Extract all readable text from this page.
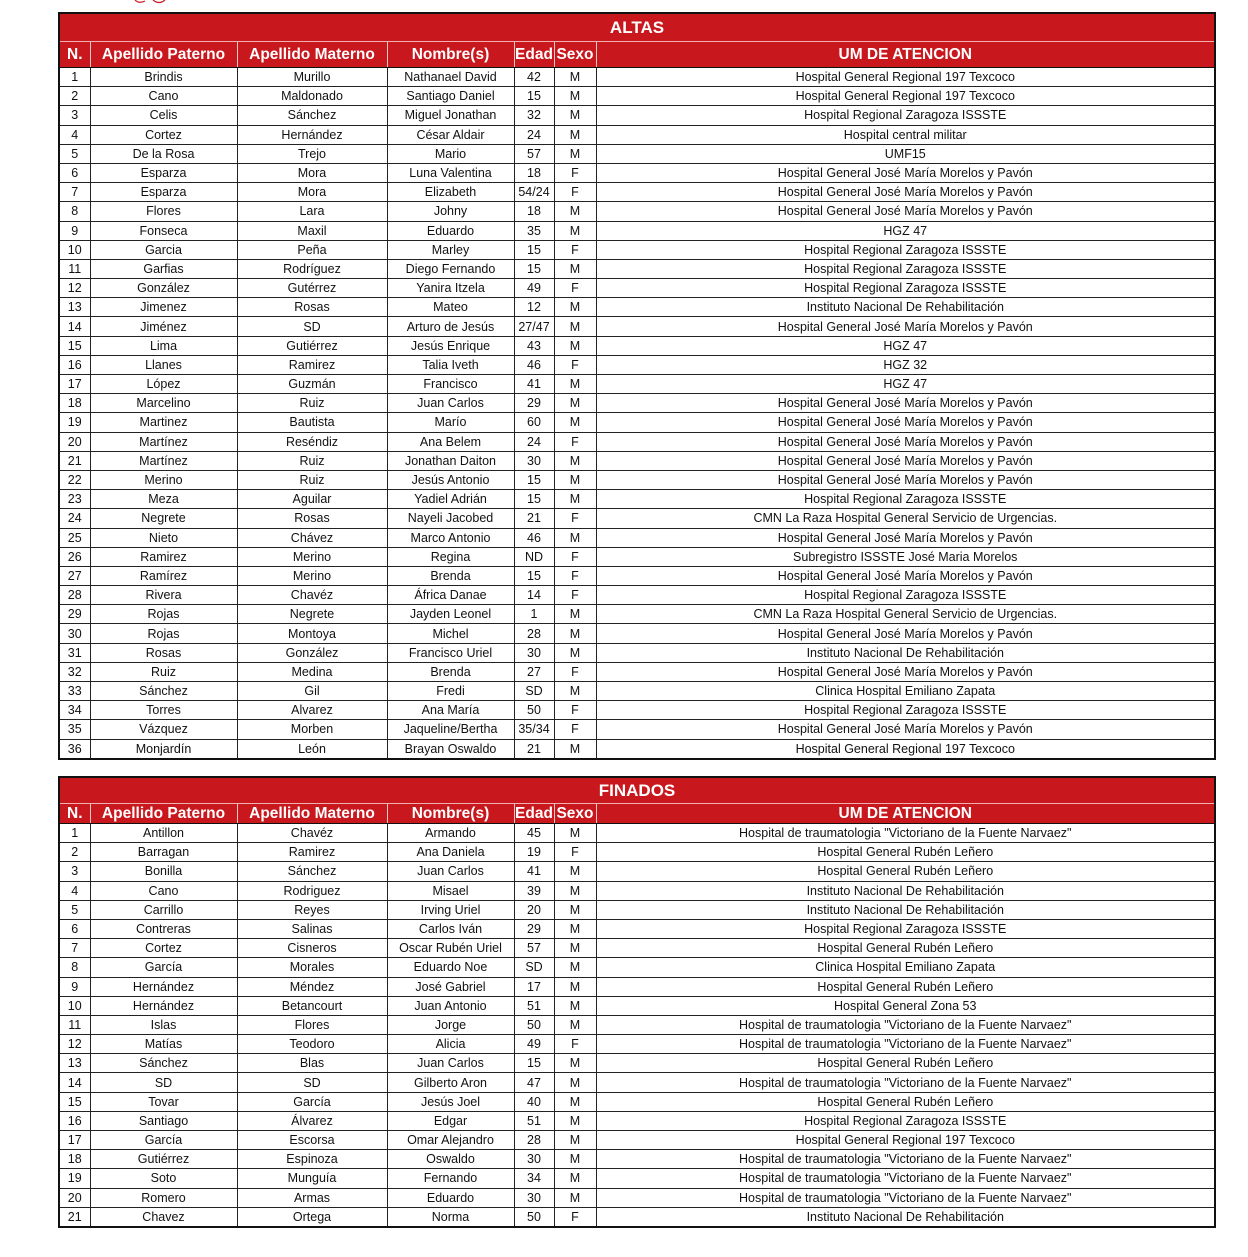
ALTAS						
N.	Apellido Paterno	Apellido Materno	Nombre(s)	Edad	Sexo	UM DE ATENCION
1	Brindis	Murillo	Nathanael David	42	M	Hospital General Regional 197 Texcoco
2	Cano	Maldonado	Santiago Daniel	15	M	Hospital General Regional 197 Texcoco
3	Celis	Sánchez	Miguel Jonathan	32	M	Hospital Regional Zaragoza ISSSTE
4	Cortez	Hernández	César Aldair	24	M	Hospital central militar
5	De la Rosa	Trejo	Mario	57	M	UMF15
6	Esparza	Mora	Luna Valentina	18	F	Hospital General José María Morelos y Pavón
7	Esparza	Mora	Elizabeth	54/24	F	Hospital General José María Morelos y Pavón
8	Flores	Lara	Johny	18	M	Hospital General José María Morelos y Pavón
9	Fonseca	Maxil	Eduardo	35	M	HGZ 47
10	Garcia	Peña	Marley	15	F	Hospital Regional Zaragoza ISSSTE
11	Garfias	Rodríguez	Diego Fernando	15	M	Hospital Regional Zaragoza ISSSTE
12	González	Gutérrez	Yanira Itzela	49	F	Hospital Regional Zaragoza ISSSTE
13	Jimenez	Rosas	Mateo	12	M	Instituto Nacional De Rehabilitación
14	Jiménez	SD	Arturo de Jesús	27/47	M	Hospital General José María Morelos y Pavón
15	Lima	Gutiérrez	Jesús Enrique	43	M	HGZ 47
16	Llanes	Ramirez	Talia Iveth	46	F	HGZ 32
17	López	Guzmán	Francisco	41	M	HGZ 47
18	Marcelino	Ruiz	Juan Carlos	29	M	Hospital General José María Morelos y Pavón
19	Martinez	Bautista	Marío	60	M	Hospital General José María Morelos y Pavón
20	Martínez	Reséndiz	Ana Belem	24	F	Hospital General José María Morelos y Pavón
21	Martínez	Ruiz	Jonathan Daiton	30	M	Hospital General José María Morelos y Pavón
22	Merino	Ruiz	Jesús Antonio	15	M	Hospital General José María Morelos y Pavón
23	Meza	Aguilar	Yadiel Adrián	15	M	Hospital Regional Zaragoza ISSSTE
24	Negrete	Rosas	Nayeli Jacobed	21	F	CMN La Raza Hospital General Servicio de Urgencias.
25	Nieto	Chávez	Marco Antonio	46	M	Hospital General José María Morelos y Pavón
26	Ramirez	Merino	Regina	ND	F	Subregistro ISSSTE José Maria Morelos
27	Ramírez	Merino	Brenda	15	F	Hospital General José María Morelos y Pavón
28	Rivera	Chavéz	África Danae	14	F	Hospital Regional Zaragoza ISSSTE
29	Rojas	Negrete	Jayden Leonel	1	M	CMN La Raza Hospital General Servicio de Urgencias.
30	Rojas	Montoya	Michel	28	M	Hospital General José María Morelos y Pavón
31	Rosas	González	Francisco Uriel	30	M	Instituto Nacional De Rehabilitación
32	Ruiz	Medina	Brenda	27	F	Hospital General José María Morelos y Pavón
33	Sánchez	Gil	Fredi	SD	M	Clinica Hospital Emiliano Zapata
34	Torres	Alvarez	Ana María	50	F	Hospital Regional Zaragoza ISSSTE
35	Vázquez	Morben	Jaqueline/Bertha	35/34	F	Hospital General José María Morelos y Pavón
36	Monjardín	León	Brayan Oswaldo	21	M	Hospital General Regional 197 Texcoco
FINADOS						
N.	Apellido Paterno	Apellido Materno	Nombre(s)	Edad	Sexo	UM DE ATENCION
1	Antillon	Chavéz	Armando	45	M	Hospital de traumatologia "Victoriano de la Fuente Narvaez"
2	Barragan	Ramirez	Ana Daniela	19	F	Hospital General Rubén Leñero
3	Bonilla	Sánchez	Juan Carlos	41	M	Hospital General Rubén Leñero
4	Cano	Rodriguez	Misael	39	M	Instituto Nacional De Rehabilitación
5	Carrillo	Reyes	Irving Uriel	20	M	Instituto Nacional De Rehabilitación
6	Contreras	Salinas	Carlos Iván	29	M	Hospital Regional Zaragoza ISSSTE
7	Cortez	Cisneros	Oscar Rubén Uriel	57	M	Hospital General Rubén Leñero
8	García	Morales	Eduardo Noe	SD	M	Clinica Hospital Emiliano Zapata
9	Hernández	Méndez	José Gabriel	17	M	Hospital General Rubén Leñero
10	Hernández	Betancourt	Juan Antonio	51	M	Hospital General Zona 53
11	Islas	Flores	Jorge	50	M	Hospital de traumatologia "Victoriano de la Fuente Narvaez"
12	Matías	Teodoro	Alicia	49	F	Hospital de traumatologia "Victoriano de la Fuente Narvaez"
13	Sánchez	Blas	Juan Carlos	15	M	Hospital General Rubén Leñero
14	SD	SD	Gilberto Aron	47	M	Hospital de traumatologia "Victoriano de la Fuente Narvaez"
15	Tovar	García	Jesús Joel	40	M	Hospital General Rubén Leñero
16	Santiago	Álvarez	Edgar	51	M	Hospital Regional Zaragoza ISSSTE
17	García	Escorsa	Omar Alejandro	28	M	Hospital General Regional 197 Texcoco
18	Gutiérrez	Espinoza	Oswaldo	30	M	Hospital de traumatologia "Victoriano de la Fuente Narvaez"
19	Soto	Munguía	Fernando	34	M	Hospital de traumatologia "Victoriano de la Fuente Narvaez"
20	Romero	Armas	Eduardo	30	M	Hospital de traumatologia "Victoriano de la Fuente Narvaez"
21	Chavez	Ortega	Norma	50	F	Instituto Nacional De Rehabilitación
